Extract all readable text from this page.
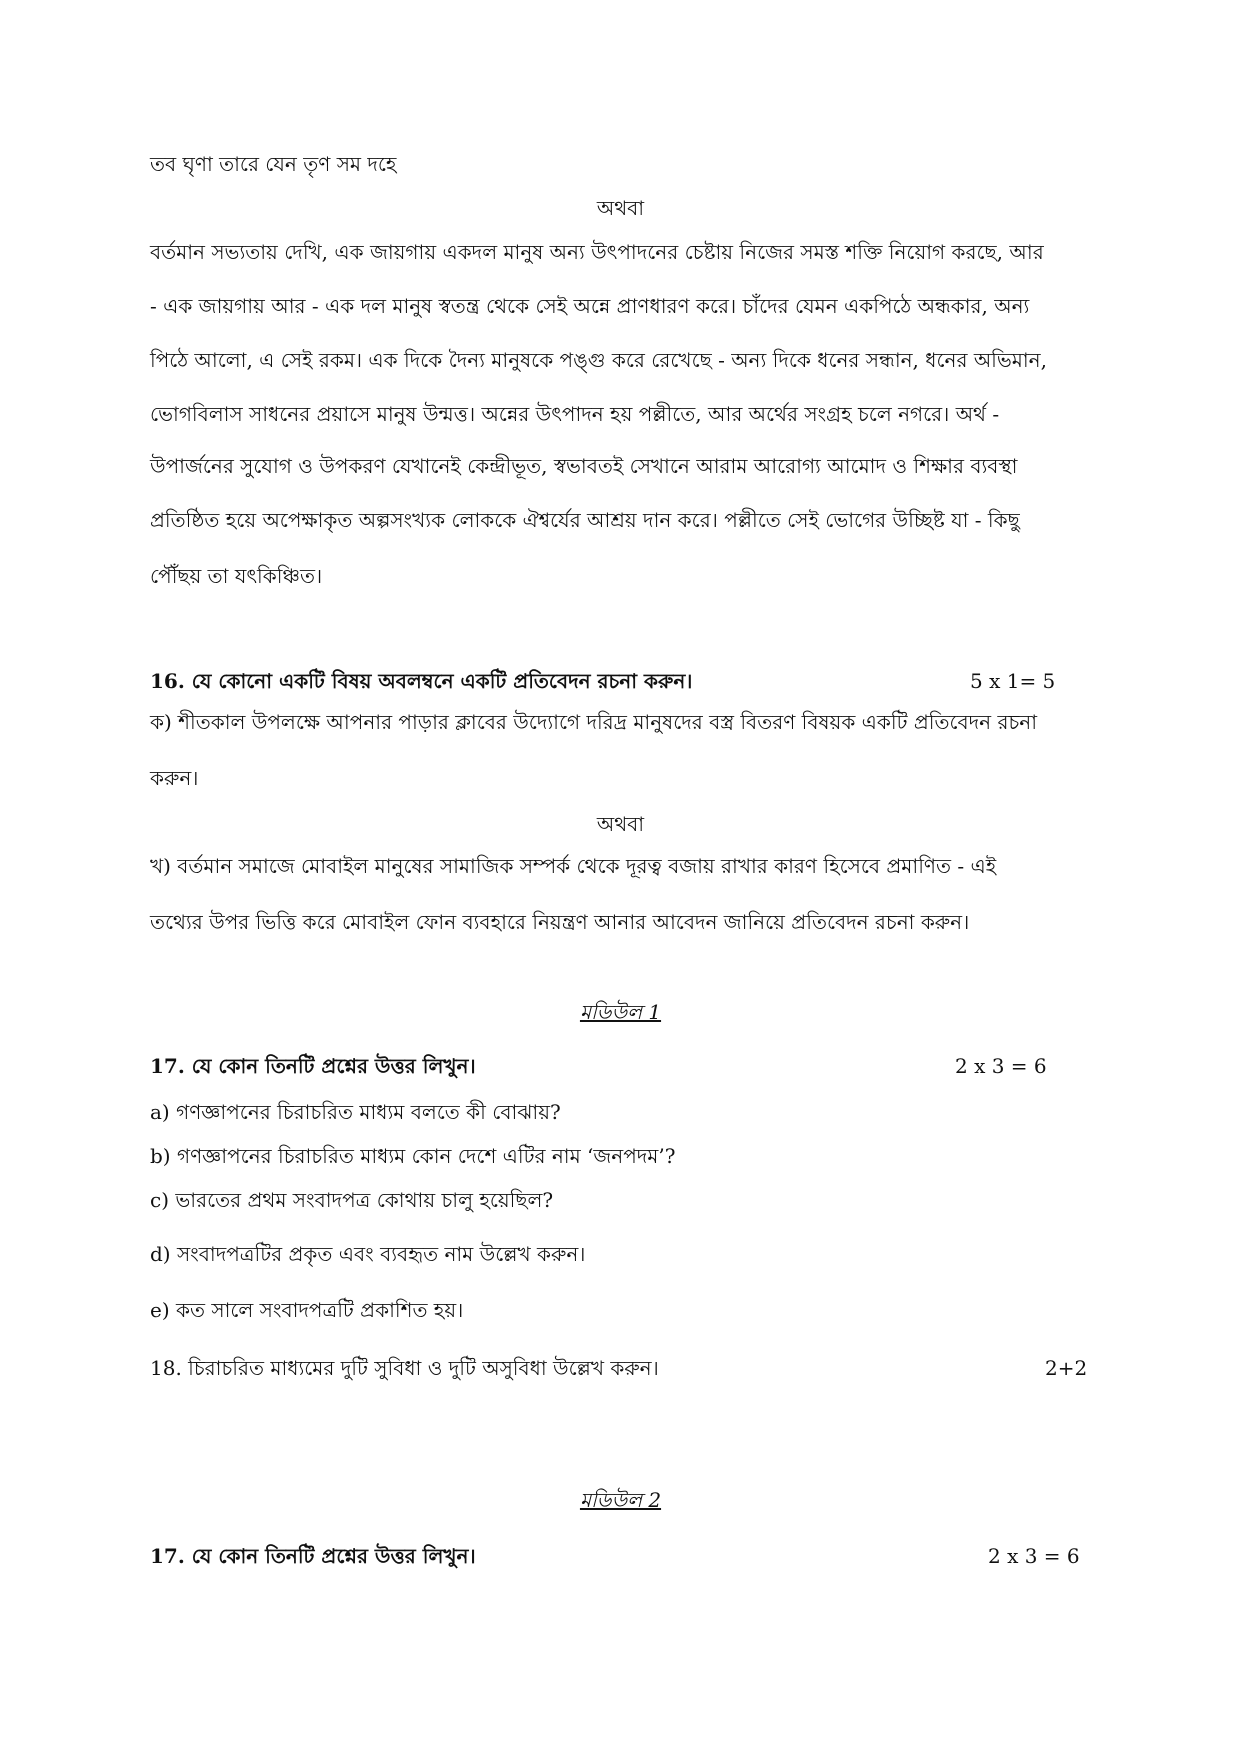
তব ঘৃণা তারে যেন তৃণ সম দহে
অথবা
বর্তমান সভ্যতায় দেখি, এক জায়গায় একদল মানুষ অন্য উৎপাদনের চেষ্টায় নিজের সমস্ত শক্তি নিয়োগ করছে, আর
- এক জায়গায় আর - এক দল মানুষ স্বতন্ত্র থেকে সেই অন্নে প্রাণধারণ করে। চাঁদের যেমন একপিঠে অন্ধকার, অন্য
পিঠে আলো, এ সেই রকম। এক দিকে দৈন্য মানুষকে পঙ্গু করে রেখেছে - অন্য দিকে ধনের সন্ধান, ধনের অভিমান,
ভোগবিলাস সাধনের প্রয়াসে মানুষ উন্মত্ত। অন্নের উৎপাদন হয় পল্লীতে, আর অর্থের সংগ্রহ চলে নগরে। অর্থ -
উপার্জনের সুযোগ ও উপকরণ যেখানেই কেন্দ্রীভূত, স্বভাবতই সেখানে আরাম আরোগ্য আমোদ ও শিক্ষার ব্যবস্থা
প্রতিষ্ঠিত হয়ে অপেক্ষাকৃত অল্পসংখ্যক লোককে ঐশ্বর্যের আশ্রয় দান করে। পল্লীতে সেই ভোগের উচ্ছিষ্ট যা - কিছু
পৌঁছয় তা যৎকিঞ্চিত।
16. যে কোনো একটি বিষয় অবলম্বনে একটি প্রতিবেদন রচনা করুন।	5 x 1= 5
ক) শীতকাল উপলক্ষে আপনার পাড়ার ক্লাবের উদ্যোগে দরিদ্র মানুষদের বস্ত্র বিতরণ বিষয়ক একটি প্রতিবেদন রচনা
করুন।
অথবা
খ) বর্তমান সমাজে মোবাইল মানুষের সামাজিক সম্পর্ক থেকে দূরত্ব বজায় রাখার কারণ হিসেবে প্রমাণিত - এই
তথ্যের উপর ভিত্তি করে মোবাইল ফোন ব্যবহারে নিয়ন্ত্রণ আনার আবেদন জানিয়ে প্রতিবেদন রচনা করুন।
মডিউল 1
17. যে কোন তিনটি প্রশ্নের উত্তর লিখুন।	2 x 3 = 6
a) গণজ্ঞাপনের চিরাচরিত মাধ্যম বলতে কী বোঝায়?
b) গণজ্ঞাপনের চিরাচরিত মাধ্যম কোন দেশে এটির নাম ‘জনপদম’?
c) ভারতের প্রথম সংবাদপত্র কোথায় চালু হয়েছিল?
d) সংবাদপত্রটির প্রকৃত এবং ব্যবহৃত নাম উল্লেখ করুন।
e) কত সালে সংবাদপত্রটি প্রকাশিত হয়।
18. চিরাচরিত মাধ্যমের দুটি সুবিধা ও দুটি অসুবিধা উল্লেখ করুন।	2+2
মডিউল 2
17. যে কোন তিনটি প্রশ্নের উত্তর লিখুন।	2 x 3 = 6
